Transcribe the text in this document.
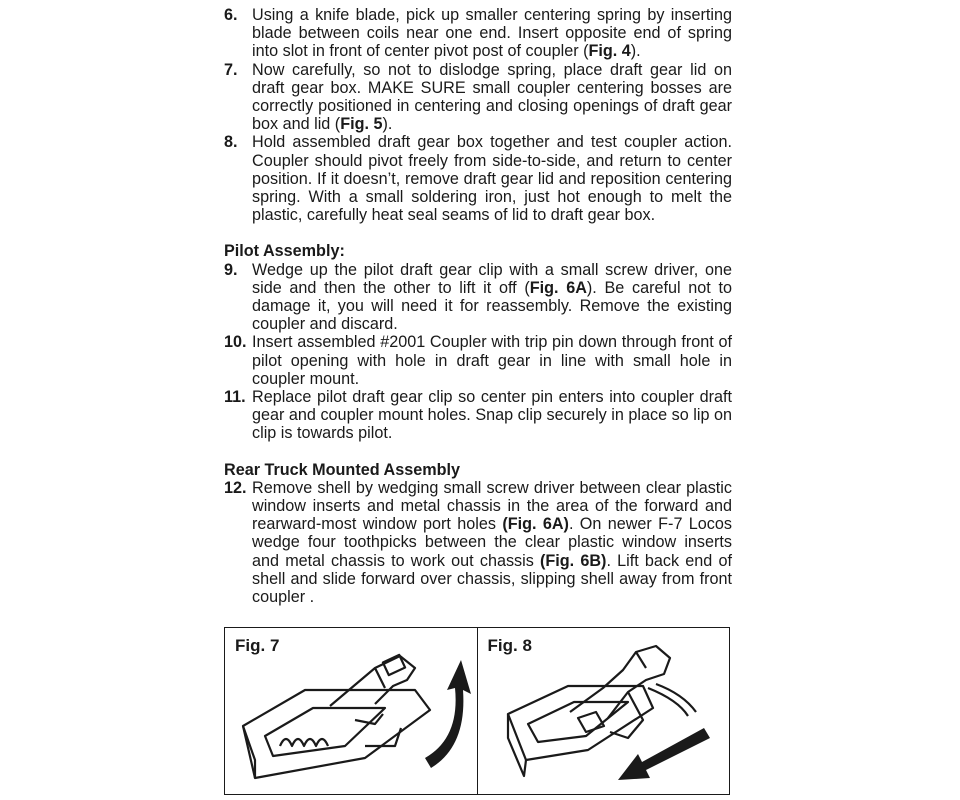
6. Using a knife blade, pick up smaller centering spring by inserting blade between coils near one end. Insert opposite end of spring into slot in front of center pivot post of coupler (Fig. 4).

7. Now carefully, so not to dislodge spring, place draft gear lid on draft gear box. MAKE SURE small coupler centering bosses are correctly positioned in centering and closing openings of draft gear box and lid (Fig. 5).

8. Hold assembled draft gear box together and test coupler action. Coupler should pivot freely from side-to-side, and return to center position. If it doesn’t, remove draft gear lid and reposition centering spring. With a small soldering iron, just hot enough to melt the plastic, carefully heat seal seams of lid to draft gear box.

Pilot Assembly:

9. Wedge up the pilot draft gear clip with a small screw driver, one side and then the other to lift it off (Fig. 6A). Be careful not to damage it, you will need it for reassembly. Remove the existing coupler and discard.

10. Insert assembled #2001 Coupler with trip pin down through front of pilot opening with hole in draft gear in line with small hole in coupler mount.

11. Replace pilot draft gear clip so center pin enters into coupler draft gear and coupler mount holes. Snap clip securely in place so lip on clip is towards pilot.

Rear Truck Mounted Assembly

12. Remove shell by wedging small screw driver between clear plastic window inserts and metal chassis in the area of the forward and rearward-most window port holes (Fig. 6A). On newer F-7 Locos wedge four toothpicks between the clear plastic window inserts and metal chassis to work out chassis (Fig. 6B). Lift back end of shell and slide forward over chassis, slipping shell away from front coupler .

Fig. 7	Fig. 8
